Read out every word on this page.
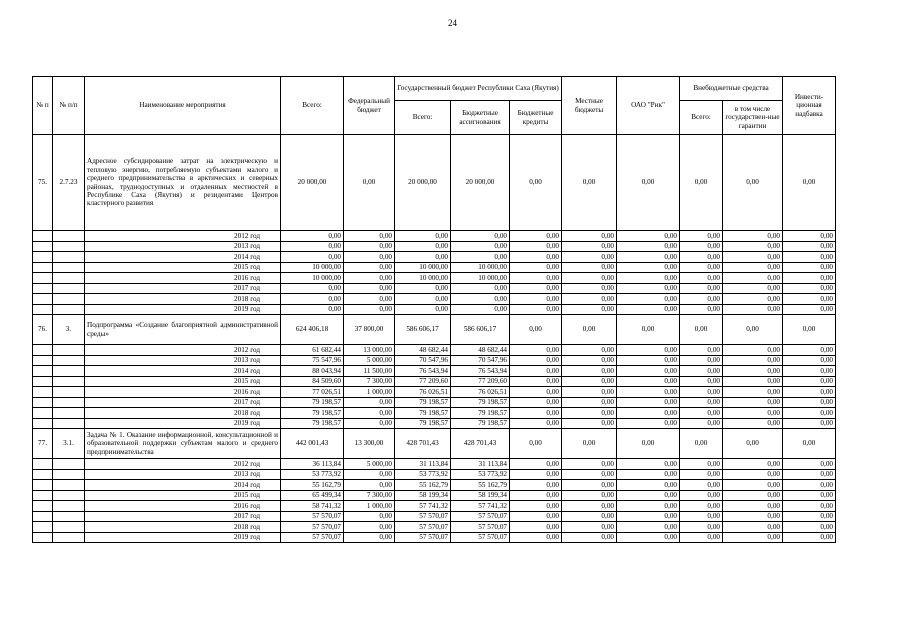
24
№ п	№ п/п	Наименование мероприятия	Всего:	Федеральный бюджет	Государственный бюджет Республики Саха (Якутия)			Местные бюджеты	ОАО "Рик"	Внебюджетные средства		Инвести-ционная надбавка
					Всего:	Бюджетные ассигнования	Бюджетные кредиты			Всего:	в том числе государствен-ные гарантии	
75.	2.7.23	Адресное субсидирование затрат на электрическую и тепловую энергию, потребляемую субъектами малого и среднего предпринимательства в арктических и северных районах, труднодоступных и отдаленных местностей в Республике Саха (Якутия) и резидентами Центров кластерного развития	20 000,00	0,00	20 000,00	20 000,00	0,00	0,00	0,00	0,00	0,00	0,00
		2012 год	0,00	0,00	0,00	0,00	0,00	0,00	0,00	0,00	0,00	0,00
		2013 год	0,00	0,00	0,00	0,00	0,00	0,00	0,00	0,00	0,00	0,00
		2014 год	0,00	0,00	0,00	0,00	0,00	0,00	0,00	0,00	0,00	0,00
		2015 год	10 000,00	0,00	10 000,00	10 000,00	0,00	0,00	0,00	0,00	0,00	0,00
		2016 год	10 000,00	0,00	10 000,00	10 000,00	0,00	0,00	0,00	0,00	0,00	0,00
		2017 год	0,00	0,00	0,00	0,00	0,00	0,00	0,00	0,00	0,00	0,00
		2018 год	0,00	0,00	0,00	0,00	0,00	0,00	0,00	0,00	0,00	0,00
		2019 год	0,00	0,00	0,00	0,00	0,00	0,00	0,00	0,00	0,00	0,00
76.	3.	Подпрограмма «Создание благоприятной административной среды»	624 406,18	37 800,00	586 606,17	586 606,17	0,00	0,00	0,00	0,00	0,00	0,00
		2012 год	61 682,44	13 000,00	48 682,44	48 682,44	0,00	0,00	0,00	0,00	0,00	0,00
		2013 год	75 547,96	5 000,00	70 547,96	70 547,96	0,00	0,00	0,00	0,00	0,00	0,00
		2014 год	88 043,94	11 500,00	76 543,94	76 543,94	0,00	0,00	0,00	0,00	0,00	0,00
		2015 год	84 509,60	7 300,00	77 209,60	77 209,60	0,00	0,00	0,00	0,00	0,00	0,00
		2016 год	77 026,51	1 000,00	76 026,51	76 026,51	0,00	0,00	0,00	0,00	0,00	0,00
		2017 год	79 198,57	0,00	79 198,57	79 198,57	0,00	0,00	0,00	0,00	0,00	0,00
		2018 год	79 198,57	0,00	79 198,57	79 198,57	0,00	0,00	0,00	0,00	0,00	0,00
		2019 год	79 198,57	0,00	79 198,57	79 198,57	0,00	0,00	0,00	0,00	0,00	0,00
77.	3.1.	Задача № 1. Оказание информационной, консультационной и образовательной поддержки субъектам малого и среднего предпринимательства	442 001,43	13 300,00	428 701,43	428 701,43	0,00	0,00	0,00	0,00	0,00	0,00
		2012 год	36 113,84	5 000,00	31 113,84	31 113,84	0,00	0,00	0,00	0,00	0,00	0,00
		2013 год	53 773,92	0,00	53 773,92	53 773,92	0,00	0,00	0,00	0,00	0,00	0,00
		2014 год	55 162,79	0,00	55 162,79	55 162,79	0,00	0,00	0,00	0,00	0,00	0,00
		2015 год	65 499,34	7 300,00	58 199,34	58 199,34	0,00	0,00	0,00	0,00	0,00	0,00
		2016 год	58 741,32	1 000,00	57 741,32	57 741,32	0,00	0,00	0,00	0,00	0,00	0,00
		2017 год	57 570,07	0,00	57 570,07	57 570,07	0,00	0,00	0,00	0,00	0,00	0,00
		2018 год	57 570,07	0,00	57 570,07	57 570,07	0,00	0,00	0,00	0,00	0,00	0,00
		2019 год	57 570,07	0,00	57 570,07	57 570,07	0,00	0,00	0,00	0,00	0,00	0,00
